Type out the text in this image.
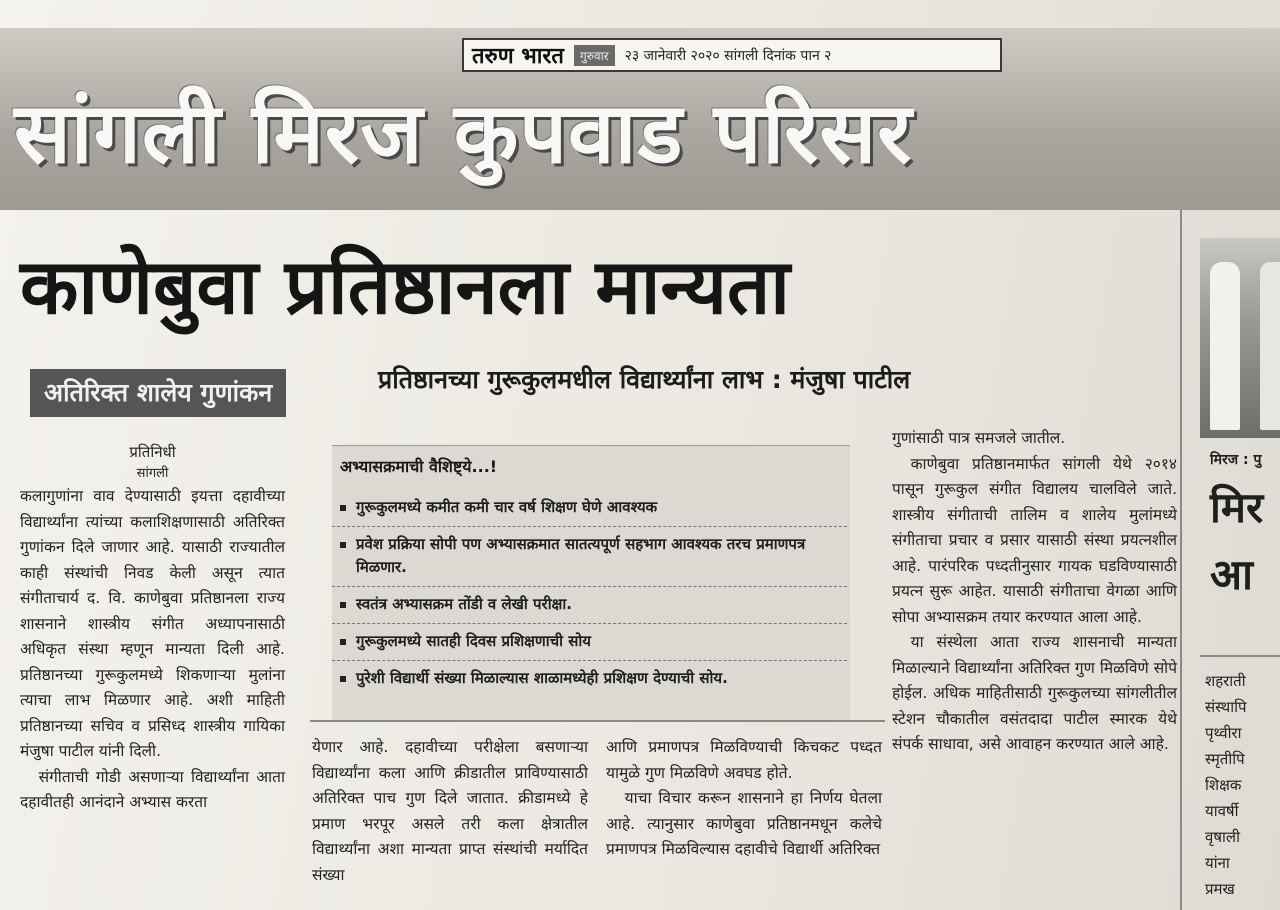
तरुण भारत	गुरुवार	२३ जानेवारी २०२० सांगली दिनांक पान २
सांगली मिरज कुपवाड परिसर
काणेबुवा प्रतिष्ठानला मान्यता
अतिरिक्त शालेय गुणांकन	प्रतिष्ठानच्या गुरूकुलमधील विद्यार्थ्यांना लाभ : मंजुषा पाटील
प्रतिनिधी
सांगली

कलागुणांना वाव देण्यासाठी इयत्ता दहावीच्या विद्यार्थ्यांना त्यांच्या कलाशिक्षणासाठी अतिरिक्त गुणांकन दिले जाणार आहे. यासाठी राज्यातील काही संस्थांची निवड केली असून त्यात संगीताचार्य द. वि. काणेबुवा प्रतिष्ठानला राज्य शासनाने शास्त्रीय संगीत अध्यापनासाठी अधिकृत संस्था म्हणून मान्यता दिली आहे. प्रतिष्ठानच्या गुरूकुलमध्ये शिकणाऱ्या मुलांना त्याचा लाभ मिळणार आहे. अशी माहिती प्रतिष्ठानच्या सचिव व प्रसिध्द शास्त्रीय गायिका मंजुषा पाटील यांनी दिली.

संगीताची गोडी असणाऱ्या विद्यार्थ्यांना आता दहावीतही आनंदाने अभ्यास करता

अभ्यासक्रमाची वैशिष्ट्ये...!
गुरूकुलमध्ये कमीत कमी चार वर्ष शिक्षण घेणे आवश्यक
प्रवेश प्रक्रिया सोपी पण अभ्यासक्रमात सातत्यपूर्ण सहभाग आवश्यक तरच प्रमाणपत्र मिळणार.
स्वतंत्र अभ्यासक्रम तोंडी व लेखी परीक्षा.
गुरूकुलमध्ये सातही दिवस प्रशिक्षणाची सोय
पुरेशी विद्यार्थी संख्या मिळाल्यास शाळामध्येही प्रशिक्षण देण्याची सोय.

येणार आहे. दहावीच्या परीक्षेला बसणाऱ्या विद्यार्थ्यांना कला आणि क्रीडातील प्राविण्यासाठी अतिरिक्त पाच गुण दिले जातात. क्रीडामध्ये हे प्रमाण भरपूर असले तरी कला क्षेत्रातील विद्यार्थ्यांना अशा मान्यता प्राप्त संस्थांची मर्यादित संख्या

आणि प्रमाणपत्र मिळविण्याची किचकट पध्दत यामुळे गुण मिळविणे अवघड होते.

याचा विचार करून शासनाने हा निर्णय घेतला आहे. त्यानुसार काणेबुवा प्रतिष्ठानमधून कलेचे प्रमाणपत्र मिळविल्यास दहावीचे विद्यार्थी अतिरिक्त

गुणांसाठी पात्र समजले जातील.

काणेबुवा प्रतिष्ठानमार्फत सांगली येथे २०१४ पासून गुरूकुल संगीत विद्यालय चालविले जाते. शास्त्रीय संगीताची तालिम व शालेय मुलांमध्ये संगीताचा प्रचार व प्रसार यासाठी संस्था प्रयत्नशील आहे. पारंपरिक पध्दतीनुसार गायक घडविण्यासाठी प्रयत्न सुरू आहेत. यासाठी संगीताचा वेगळा आणि सोपा अभ्यासक्रम तयार करण्यात आला आहे.

या संस्थेला आता राज्य शासनाची मान्यता मिळाल्याने विद्यार्थ्यांना अतिरिक्त गुण मिळविणे सोपे होईल. अधिक माहितीसाठी गुरूकुलच्या सांगलीतील स्टेशन चौकातील वसंतदादा पाटील स्मारक येथे संपर्क साधावा, असे आवाहन करण्यात आले आहे.

मिरज : पु
मिर
आ
शहराती
संस्थापि
पृथ्वीरा
स्मृतीपि
शिक्षक
यावर्षी
वृषाली
यांना
प्रमख
